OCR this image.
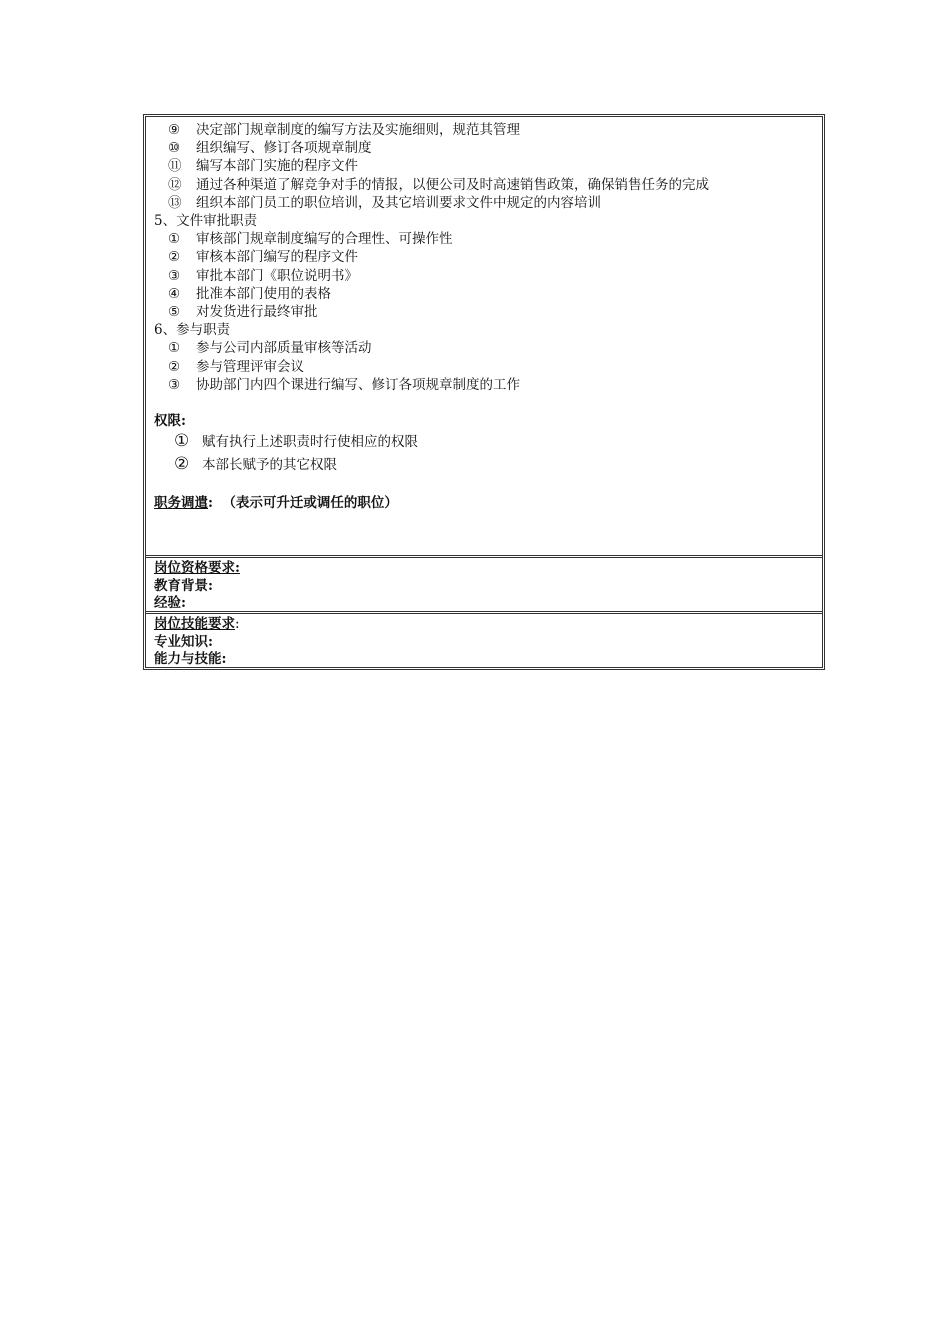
⑨ 决定部门规章制度的编写方法及实施细则，规范其管理
⑩ 组织编写、修订各项规章制度
⑪ 编写本部门实施的程序文件
⑫ 通过各种渠道了解竞争对手的情报，以便公司及时高速销售政策，确保销售任务的完成
⑬ 组织本部门员工的职位培训，及其它培训要求文件中规定的内容培训
5、文件审批职责
① 审核部门规章制度编写的合理性、可操作性
② 审核本部门编写的程序文件
③ 审批本部门《职位说明书》
④ 批准本部门使用的表格
⑤ 对发货进行最终审批
6、参与职责
① 参与公司内部质量审核等活动
② 参与管理评审会议
③ 协助部门内四个课进行编写、修订各项规章制度的工作
权限:
① 赋有执行上述职责时行使相应的权限
② 本部长赋予的其它权限
职务调遣: （表示可升迁或调任的职位）
岗位资格要求:
教育背景:
经验:
岗位技能要求:
专业知识:
能力与技能:
